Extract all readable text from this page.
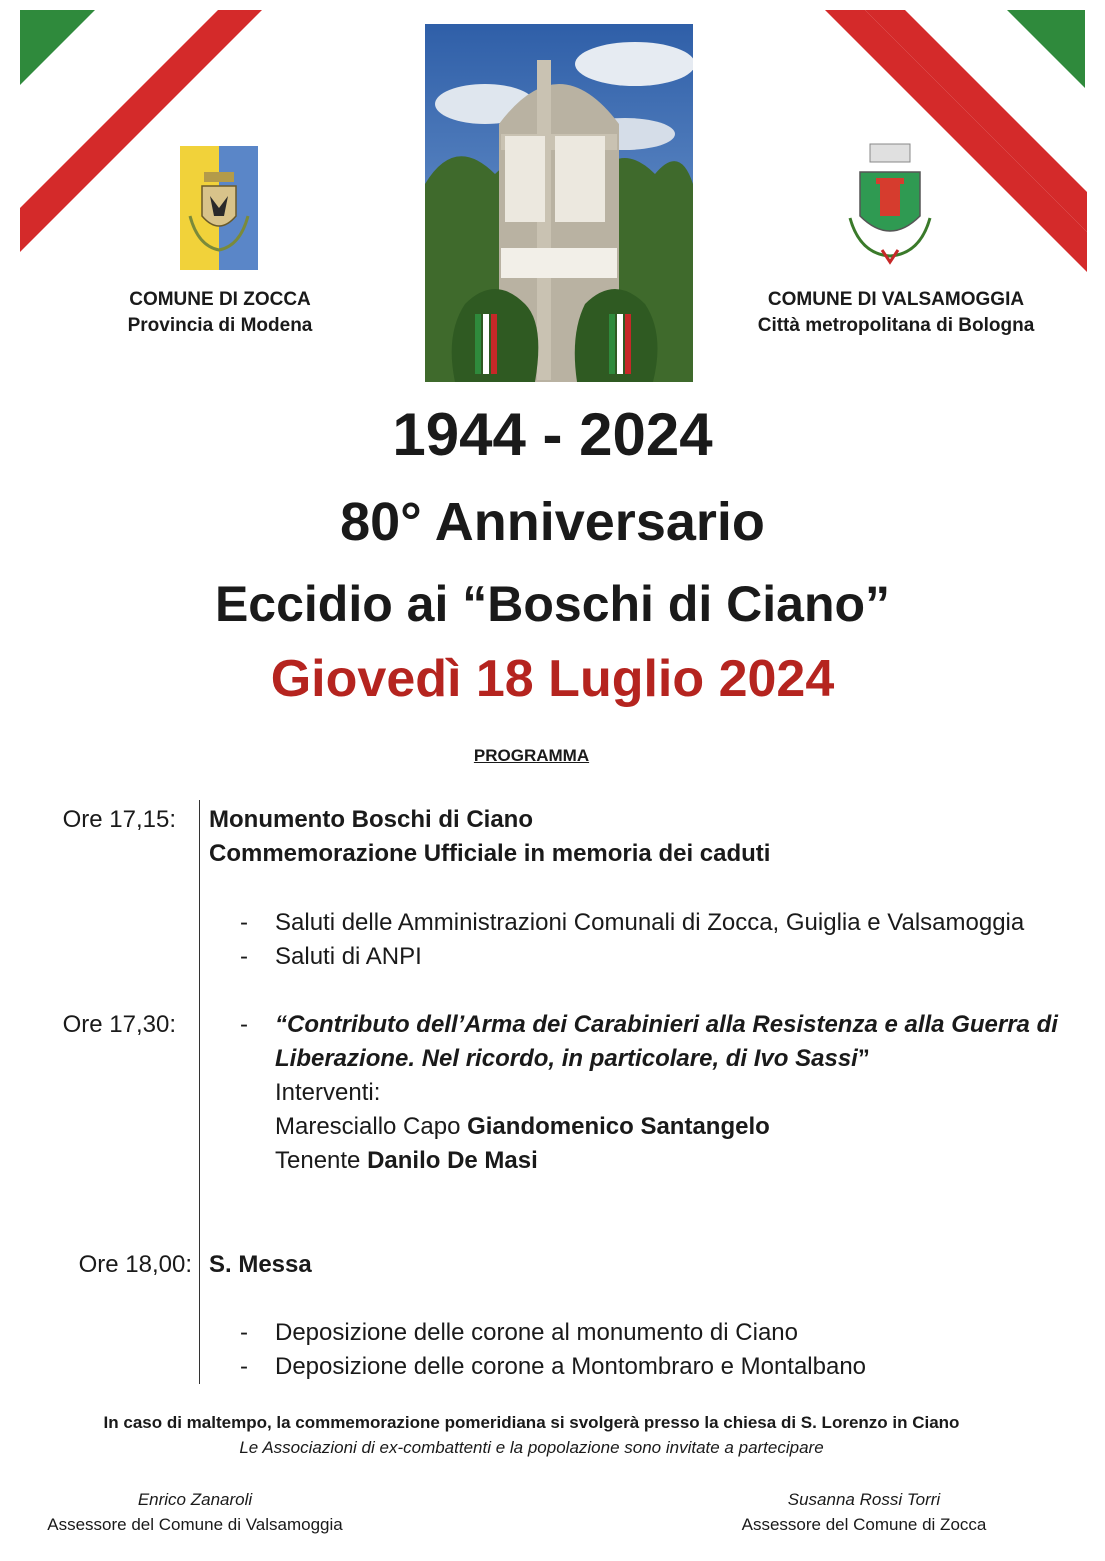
COMUNE DI ZOCCA
Provincia di Modena
COMUNE DI VALSAMOGGIA
Città metropolitana di Bologna
1944 - 2024
80° Anniversario
Eccidio ai “Boschi di Ciano”
Giovedì 18 Luglio 2024
PROGRAMMA
Ore 17,15: Monumento Boschi di Ciano
Commemorazione Ufficiale in memoria dei caduti
- Saluti delle Amministrazioni Comunali di Zocca, Guiglia e Valsamoggia
- Saluti di ANPI
Ore 17,30:	- “Contributo dell’Arma dei Carabinieri alla Resistenza e alla Guerra di
Liberazione. Nel ricordo, in particolare, di Ivo Sassi”
Interventi:
Maresciallo Capo Giandomenico Santangelo
Tenente Danilo De Masi
Ore 18,00: S. Messa
- Deposizione delle corone al monumento di Ciano
- Deposizione delle corone a Montombraro e Montalbano
In caso di maltempo, la commemorazione pomeridiana si svolgerà presso la chiesa di S. Lorenzo in Ciano
Le Associazioni di ex-combattenti e la popolazione sono invitate a partecipare
Enrico Zanaroli
Assessore del Comune di Valsamoggia
Susanna Rossi Torri
Assessore del Comune di Zocca
